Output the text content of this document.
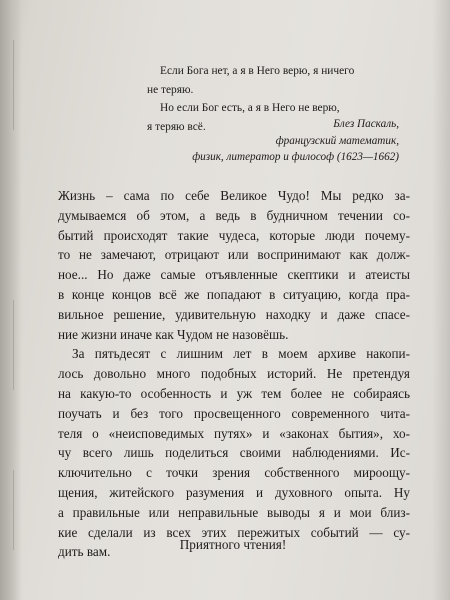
Если Бога нет, а я в Него верю, я ничего

не теряю.

Но если Бог есть, а я в Него не верю,

я теряю всё.	Блез Паскаль,
французский математик,
физик, литератор и философ (1623—1662)
Жизнь – сама по себе Великое Чудо! Мы редко за-
думываемся об этом, а ведь в будничном течении со-
бытий происходят такие чудеса, которые люди почему-
то не замечают, отрицают или воспринимают как долж-
ное... Но даже самые отъявленные скептики и атеисты
в конце концов всё же попадают в ситуацию, когда пра-
вильное решение, удивительную находку и даже спасе-
ние жизни иначе как Чудом не назовёшь.
За пятьдесят с лишним лет в моем архиве накопи-
лось довольно много подобных историй. Не претендуя
на какую-то особенность и уж тем более не собираясь
поучать и без того просвещенного современного чита-
теля о «неисповедимых путях» и «законах бытия», хо-
чу всего лишь поделиться своими наблюдениями. Ис-
ключительно с точки зрения собственного мироощу-
щения, житейского разумения и духовного опыта. Ну
а правильные или неправильные выводы я и мои близ-
кие сделали из всех этих пережитых событий — су-
дить вам.	Приятного чтения!
